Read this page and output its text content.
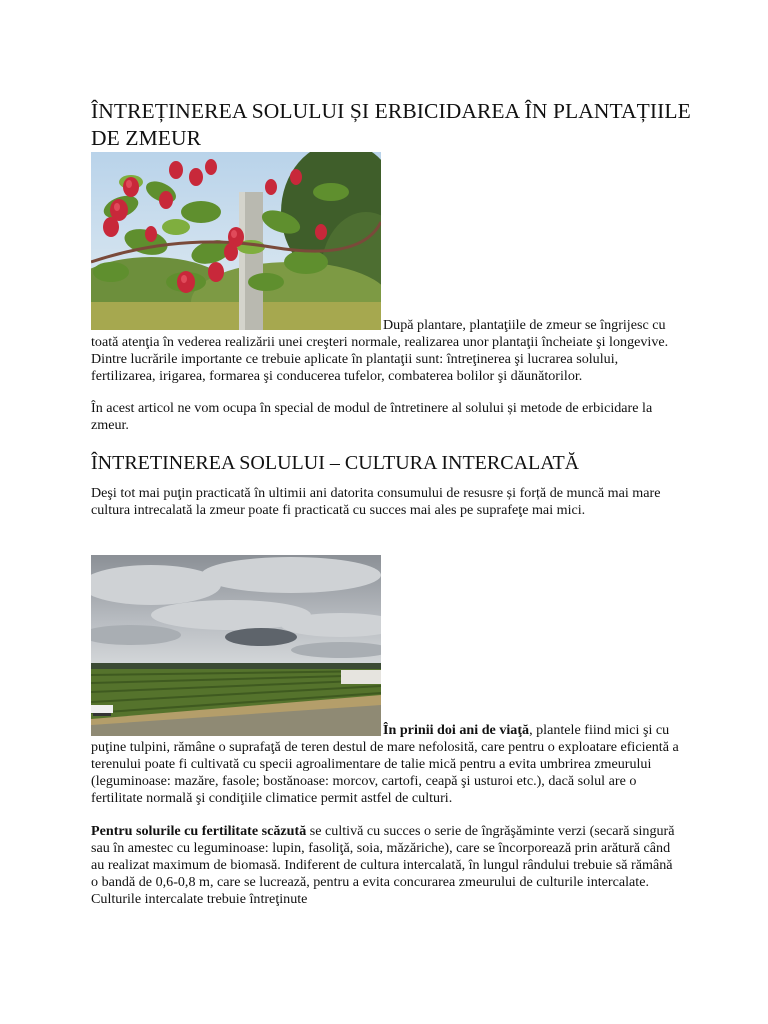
ÎNTREȚINEREA SOLULUI ȘI ERBICIDAREA ÎN PLANTAȚIILE DE ZMEUR

După plantare, plantaţiile de zmeur se îngrijesc cu toată atenţia în vederea realizării unei creşteri normale, realizarea unor plantaţii încheiate şi longevive. Dintre lucrările importante ce trebuie aplicate în plantaţii sunt: întreţinerea şi lucrarea solului, fertilizarea, irigarea, formarea şi conducerea tufelor, combaterea bolilor şi dăunătorilor.

În acest articol ne vom ocupa în special de modul de întretinere al solului și metode de erbicidare la zmeur.

ÎNTRETINEREA SOLULUI – CULTURA INTERCALATĂ

Deşi tot mai puţin practicată în ultimii ani datorita consumului de resusre și forță de muncă mai mare cultura intrecalată la zmeur poate fi practicată cu succes mai ales pe suprafeţe mai mici.

În prinii doi ani de viaţă, plantele fiind mici şi cu puţine tulpini, rămâne o suprafaţă de teren destul de mare nefolosită, care pentru o exploatare eficientă a terenului poate fi cultivată cu specii agroalimentare de talie mică pentru a evita umbrirea zmeurului (leguminoase: mazăre, fasole; bostănoase: morcov, cartofi, ceapă şi usturoi etc.), dacă solul are o fertilitate normală şi condiţiile climatice permit astfel de culturi.

Pentru solurile cu fertilitate scăzută se cultivă cu succes o serie de îngrăşăminte verzi (secară singură sau în amestec cu leguminoase: lupin, fasoliţă, soia, măzăriche), care se încorporează prin arătură când au realizat maximum de biomasă. Indiferent de cultura intercalată, în lungul rândului trebuie să rămână o bandă de 0,6-0,8 m, care se lucrează, pentru a evita concurarea zmeurului de culturile intercalate. Culturile intercalate trebuie întreţinute
